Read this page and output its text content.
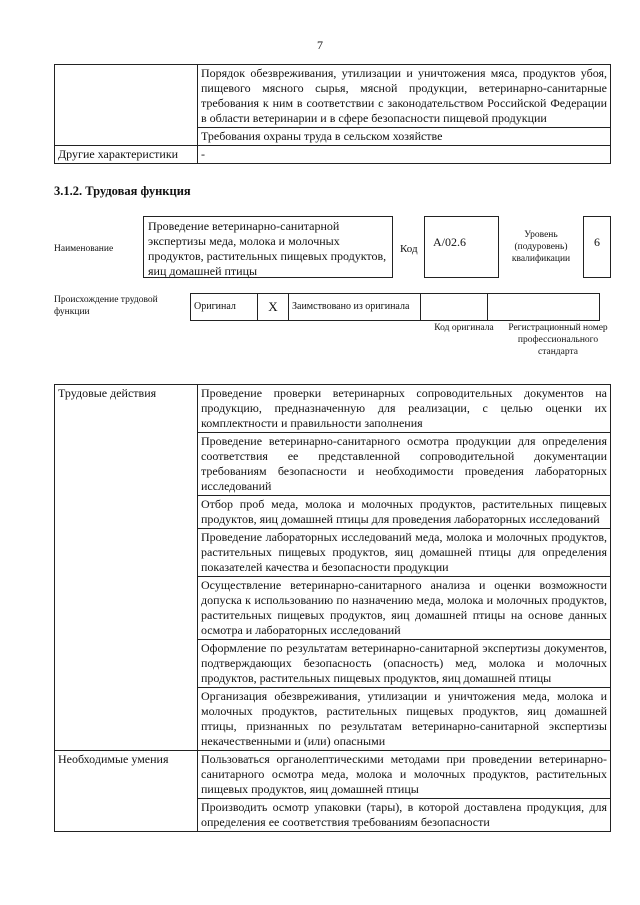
7
	Порядок обезвреживания, утилизации и уничтожения мяса, продуктов убоя, пищевого мясного сырья, мясной продукции, ветеринарно-санитарные требования к ним в соответствии с законодательством Российской Федерации в области ветеринарии и в сфере безопасности пищевой продукции
	Требования охраны труда в сельском хозяйстве
Другие характеристики	-
3.1.2. Трудовая функция
Наименование
Проведение ветеринарно-санитарной экспертизы меда, молока и молочных продуктов, растительных пищевых продуктов, яиц домашней птицы
Код	A/02.6	Уровень (подуровень) квалификации
6
Происхождение трудовой функции	Оригинал	X	Заимствовано из оригинала		
Код оригинала	Регистрационный номер профессионального стандарта
Трудовые действия	Проведение проверки ветеринарных сопроводительных документов на продукцию, предназначенную для реализации, с целью оценки их комплектности и правильности заполнения
	Проведение ветеринарно-санитарного осмотра продукции для определения соответствия ее представленной сопроводительной документации требованиям безопасности и необходимости проведения лабораторных исследований
	Отбор проб меда, молока и молочных продуктов, растительных пищевых продуктов, яиц домашней птицы для проведения лабораторных исследований
	Проведение лабораторных исследований меда, молока и молочных продуктов, растительных пищевых продуктов, яиц домашней птицы для определения показателей качества и безопасности продукции
	Осуществление ветеринарно-санитарного анализа и оценки возможности допуска к использованию по назначению меда, молока и молочных продуктов, растительных пищевых продуктов, яиц домашней птицы на основе данных осмотра и лабораторных исследований
	Оформление по результатам ветеринарно-санитарной экспертизы документов, подтверждающих безопасность (опасность) мед, молока и молочных продуктов, растительных пищевых продуктов, яиц домашней птицы
	Организация обезвреживания, утилизации и уничтожения меда, молока и молочных продуктов, растительных пищевых продуктов, яиц домашней птицы, признанных по результатам ветеринарно-санитарной экспертизы некачественными и (или) опасными
Необходимые умения	Пользоваться органолептическими методами при проведении ветеринарно-санитарного осмотра меда, молока и молочных продуктов, растительных пищевых продуктов, яиц домашней птицы
	Производить осмотр упаковки (тары), в которой доставлена продукция, для определения ее соответствия требованиям безопасности
